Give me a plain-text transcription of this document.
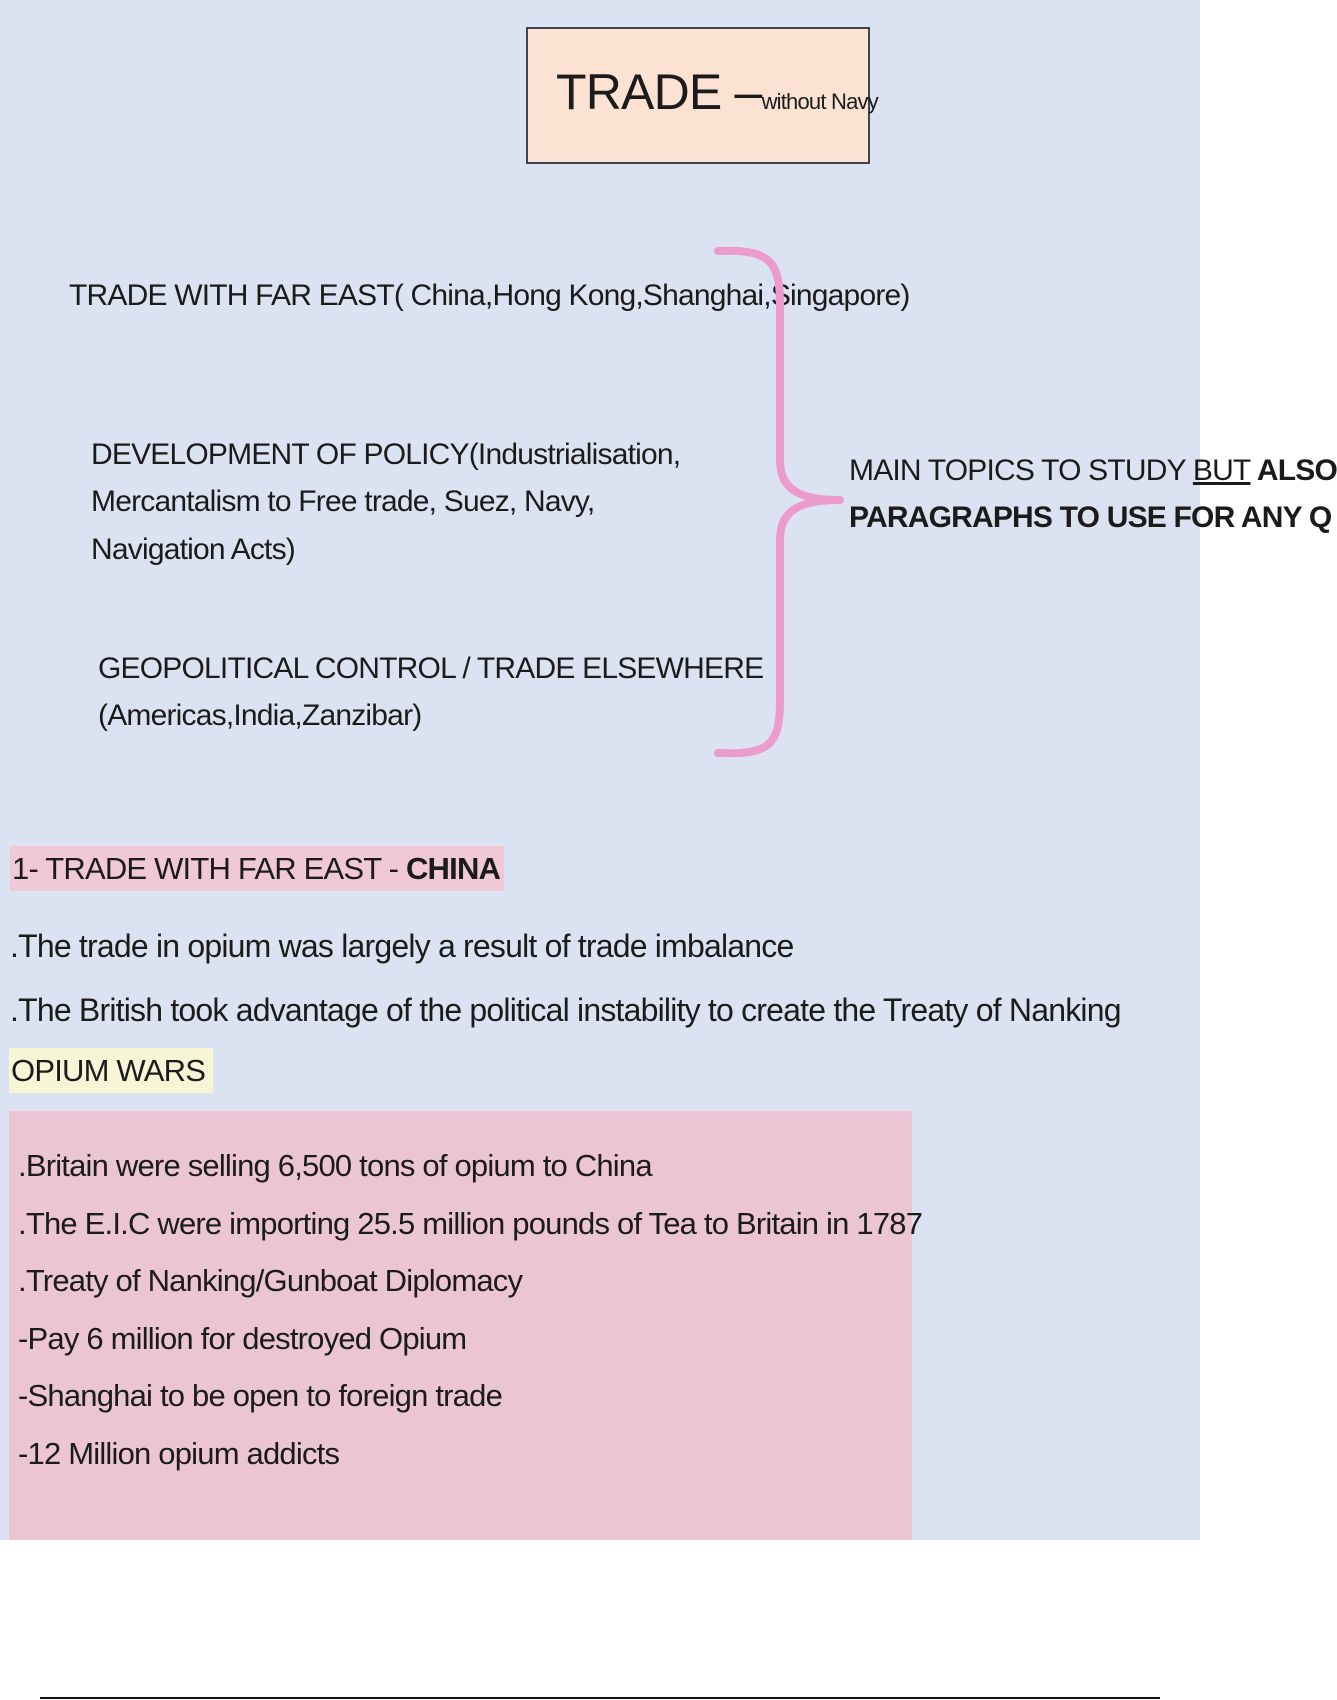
TRADE –without Navy
TRADE WITH FAR EAST( China,Hong Kong,Shanghai,Singapore)
DEVELOPMENT OF POLICY(Industrialisation,
Mercantalism to Free trade, Suez, Navy,
Navigation Acts)
GEOPOLITICAL CONTROL / TRADE ELSEWHERE
(Americas,India,Zanzibar)
MAIN TOPICS TO STUDY BUT ALSO
PARAGRAPHS TO USE FOR ANY Q
1- TRADE WITH FAR EAST - CHINA
.The trade in opium was largely a result of trade imbalance
.The British took advantage of the political instability to create the Treaty of Nanking
OPIUM WARS
.Britain were selling 6,500 tons of opium to China
.The E.I.C were importing 25.5 million pounds of Tea to Britain in 1787
.Treaty of Nanking/Gunboat Diplomacy
-Pay 6 million for destroyed Opium
-Shanghai to be open to foreign trade
-12 Million opium addicts
